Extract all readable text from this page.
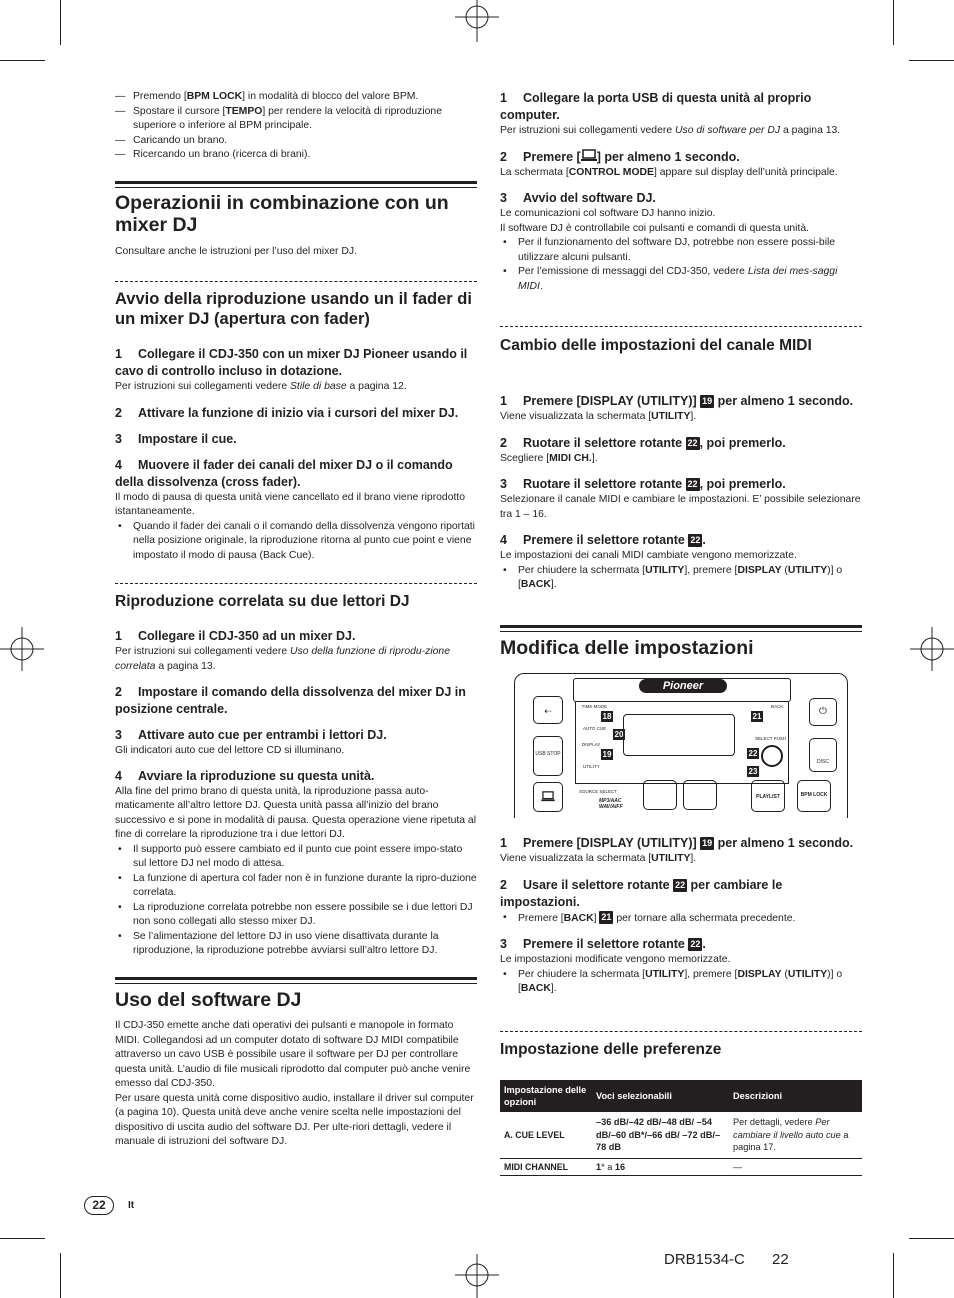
— Premendo [BPM LOCK] in modalità di blocco del valore BPM.
— Spostare il cursore [TEMPO] per rendere la velocità di riproduzione superiore o inferiore al BPM principale.
— Caricando un brano.
— Ricercando un brano (ricerca di brani).
Operazionii in combinazione con un mixer DJ
Consultare anche le istruzioni per l’uso del mixer DJ.
Avvio della riproduzione usando un il fader di un mixer DJ (apertura con fader)
1 Collegare il CDJ-350 con un mixer DJ Pioneer usando il cavo di controllo incluso in dotazione.
Per istruzioni sui collegamenti vedere Stile di base a pagina 12.
2 Attivare la funzione di inizio via i cursori del mixer DJ.
3 Impostare il cue.
4 Muovere il fader dei canali del mixer DJ o il comando della dissolvenza (cross fader).
Il modo di pausa di questa unità viene cancellato ed il brano viene riprodotto istantaneamente.
• Quando il fader dei canali o il comando della dissolvenza vengono riportati nella posizione originale, la riproduzione ritorna al punto cue point e viene impostato il modo di pausa (Back Cue).
Riproduzione correlata su due lettori DJ
1 Collegare il CDJ-350 ad un mixer DJ.
Per istruzioni sui collegamenti vedere Uso della funzione di riprodu-zione correlata a pagina 13.
2 Impostare il comando della dissolvenza del mixer DJ in posizione centrale.
3 Attivare auto cue per entrambi i lettori DJ.
Gli indicatori auto cue del lettore CD si illuminano.
4 Avviare la riproduzione su questa unità.
Alla fine del primo brano di questa unità, la riproduzione passa auto-maticamente all’altro lettore DJ. Questa unità passa all’inizio del brano successivo e si pone in modalità di pausa. Questa operazione viene ripetuta al fine di correlare la riproduzione tra i due lettori DJ.
• Il supporto può essere cambiato ed il punto cue point essere impo-stato sul lettore DJ nel modo di attesa.
• La funzione di apertura col fader non è in funzione durante la ripro-duzione correlata.
• La riproduzione correlata potrebbe non essere possibile se i due lettori DJ non sono collegati allo stesso mixer DJ.
• Se l’alimentazione del lettore DJ in uso viene disattivata durante la riproduzione, la riproduzione potrebbe avviarsi sull’altro lettore DJ.
Uso del software DJ
Il CDJ-350 emette anche dati operativi dei pulsanti e manopole in formato MIDI. Collegandosi ad un computer dotato di software DJ MIDI compatibile attraverso un cavo USB è possibile usare il software per DJ per controllare questa unità. L’audio di file musicali riprodotto dal computer può anche venire emesso dal CDJ-350.
Per usare questa unità come dispositivo audio, installare il driver sul computer (a pagina 10). Questa unità deve anche venire scelta nelle impostazioni del dispositivo di uscita audio del software DJ. Per ulte-riori dettagli, vedere il manuale di istruzioni del software DJ.
22	It
1 Collegare la porta USB di questa unità al proprio computer.
Per istruzioni sui collegamenti vedere Uso di software per DJ a pagina 13.
2 Premere [ ] per almeno 1 secondo.
La schermata [CONTROL MODE] appare sul display dell’unità principale.
3 Avvio del software DJ.
Le comunicazioni col software DJ hanno inizio.
Il software DJ è controllabile coi pulsanti e comandi di questa unità.
• Per il funzionamento del software DJ, potrebbe non essere possi-bile utilizzare alcuni pulsanti.
• Per l’emissione di messaggi del CDJ-350, vedere Lista dei mes-saggi MIDI.
Cambio delle impostazioni del canale MIDI
1 Premere [DISPLAY (UTILITY)] 19 per almeno 1 secondo.
Viene visualizzata la schermata [UTILITY].
2 Ruotare il selettore rotante 22 , poi premerlo.
Scegliere [MIDI CH.].
3 Ruotare il selettore rotante 22 , poi premerlo.
Selezionare il canale MIDI e cambiare le impostazioni. E’ possibile selezionare tra 1 – 16.
4 Premere il selettore rotante 22 .
Le impostazioni dei canali MIDI cambiate vengono memorizzate.
• Per chiudere la schermata [UTILITY], premere [DISPLAY (UTILITY)] o [BACK].
Modifica delle impostazioni
Pioneer
⇠
USB STOP
· TIME MODE
AUTO CUE
· DISPLAY
UTILITY
18
19
20
BACK
21
SELECT PUSH
22
23
SOURCE SELECT
MP3/AAC WAV/AIFF
⏻
DISC
PLAYLIST	BPM LOCK
1 Premere [DISPLAY (UTILITY)] 19 per almeno 1 secondo.
Viene visualizzata la schermata [UTILITY].
2 Usare il selettore rotante 22 per cambiare le impostazioni.
• Premere [BACK] 21 per tornare alla schermata precedente.
3 Premere il selettore rotante 22 .
Le impostazioni modificate vengono memorizzate.
• Per chiudere la schermata [UTILITY], premere [DISPLAY (UTILITY)] o [BACK].
Impostazione delle preferenze
Impostazione delle opzioni	Voci selezionabili	Descrizioni
A. CUE LEVEL	–36 dB/–42 dB/–48 dB/ –54 dB/–60 dB*/–66 dB/ –72 dB/–78 dB	Per dettagli, vedere Per cambiare il livello auto cue a pagina 17.
MIDI CHANNEL	1* a 16	—
DRB1534-C 22
